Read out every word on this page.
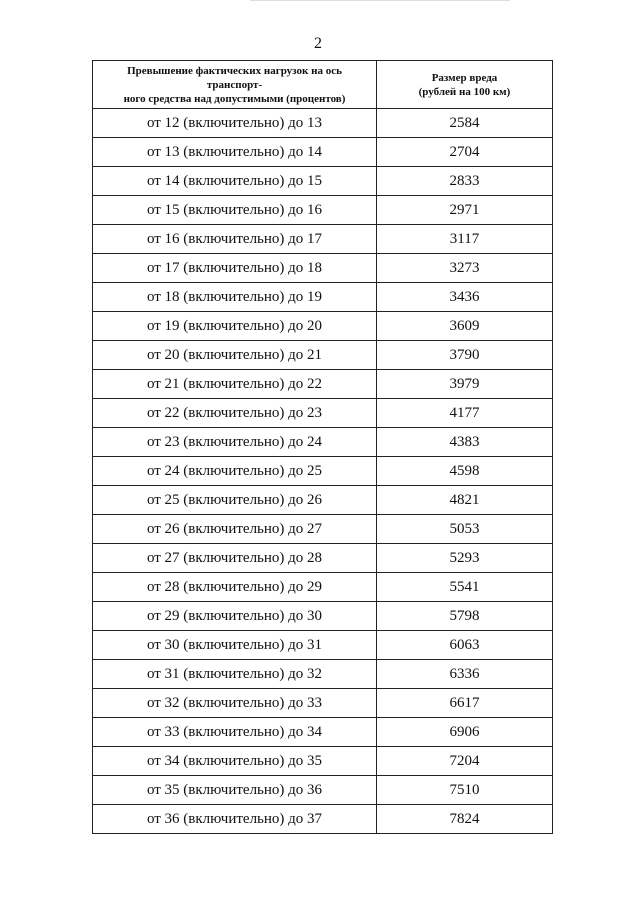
2
Превышение фактических нагрузок на ось транспорт-
ного средства над допустимыми (процентов)	Размер вреда
(рублей на 100 км)

от 12 (включительно) до 13	2584
от 13 (включительно) до 14	2704
от 14 (включительно) до 15	2833
от 15 (включительно) до 16	2971
от 16 (включительно) до 17	3117
от 17 (включительно) до 18	3273
от 18 (включительно) до 19	3436
от 19 (включительно) до 20	3609
от 20 (включительно) до 21	3790
от 21 (включительно) до 22	3979
от 22 (включительно) до 23	4177
от 23 (включительно) до 24	4383
от 24 (включительно) до 25	4598
от 25 (включительно) до 26	4821
от 26 (включительно) до 27	5053
от 27 (включительно) до 28	5293
от 28 (включительно) до 29	5541
от 29 (включительно) до 30	5798
от 30 (включительно) до 31	6063
от 31 (включительно) до 32	6336
от 32 (включительно) до 33	6617
от 33 (включительно) до 34	6906
от 34 (включительно) до 35	7204
от 35 (включительно) до 36	7510
от 36 (включительно) до 37	7824
